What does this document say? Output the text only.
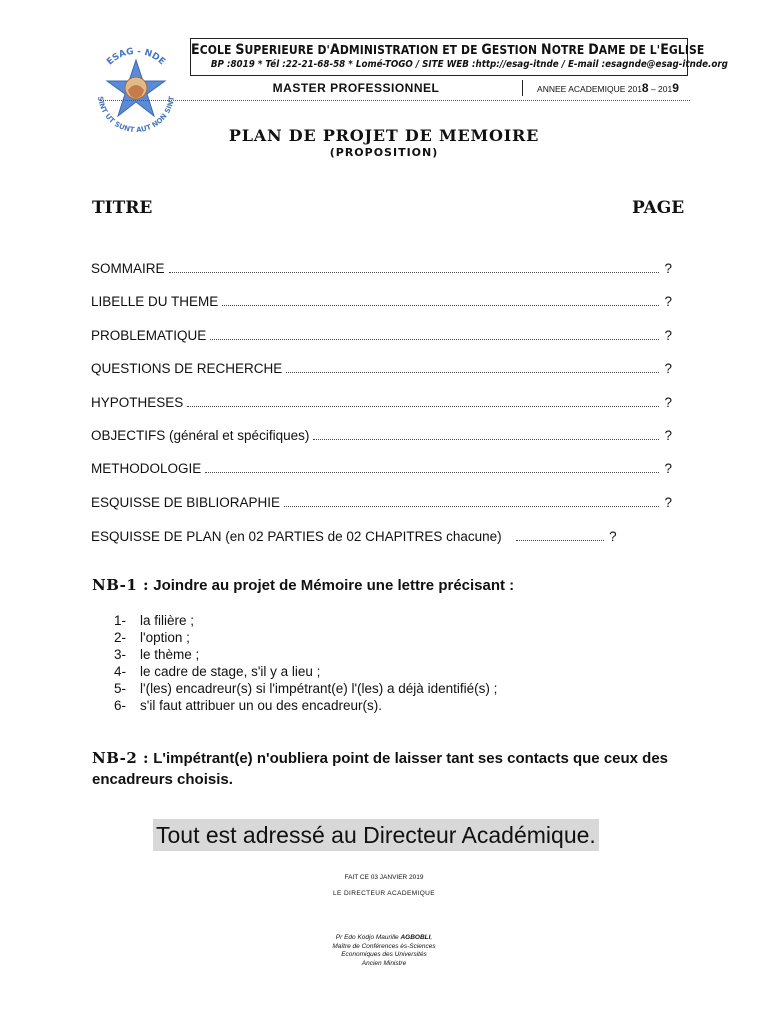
ESAG - NDE
SINT UT SUNT AUT NON SINT
ECOLE SUPERIEURE D'ADMINISTRATION ET DE GESTION NOTRE DAME DE L'EGLISE
BP :8019 * Tél :22-21-68-58 * Lomé-TOGO / SITE WEB :http://esag-itnde / E-mail :esagnde@esag-itnde.org
MASTER PROFESSIONNEL	ANNEE ACADEMIQUE 2018 – 2019
PLAN DE PROJET DE MEMOIRE
(PROPOSITION)
TITRE	PAGE
SOMMAIRE	?
LIBELLE DU THEME	?
PROBLEMATIQUE	?
QUESTIONS DE RECHERCHE	?
HYPOTHESES	?
OBJECTIFS (général et spécifiques)	?
METHODOLOGIE	?
ESQUISSE DE BIBLIORAPHIE	?
ESQUISSE DE PLAN (en 02 PARTIES de 02 CHAPITRES chacune)	?
NB-1 : Joindre au projet de Mémoire une lettre précisant :
1- la filière ;
2- l'option ;
3- le thème ;
4- le cadre de stage, s'il y a lieu ;
5- l'(les) encadreur(s) si l'impétrant(e) l'(les) a déjà identifié(s) ;
6- s'il faut attribuer un ou des encadreur(s).
NB-2 : L'impétrant(e) n'oubliera point de laisser tant ses contacts que ceux des encadreurs choisis.
Tout est adressé au Directeur Académique.
FAIT CE 03 JANVIER 2019
LE DIRECTEUR ACADEMIQUE
Pr Edo Kodjo Maurille AGBOBLI,
Maître de Conférences ès-Sciences
Economiques des Universités
Ancien Ministre
